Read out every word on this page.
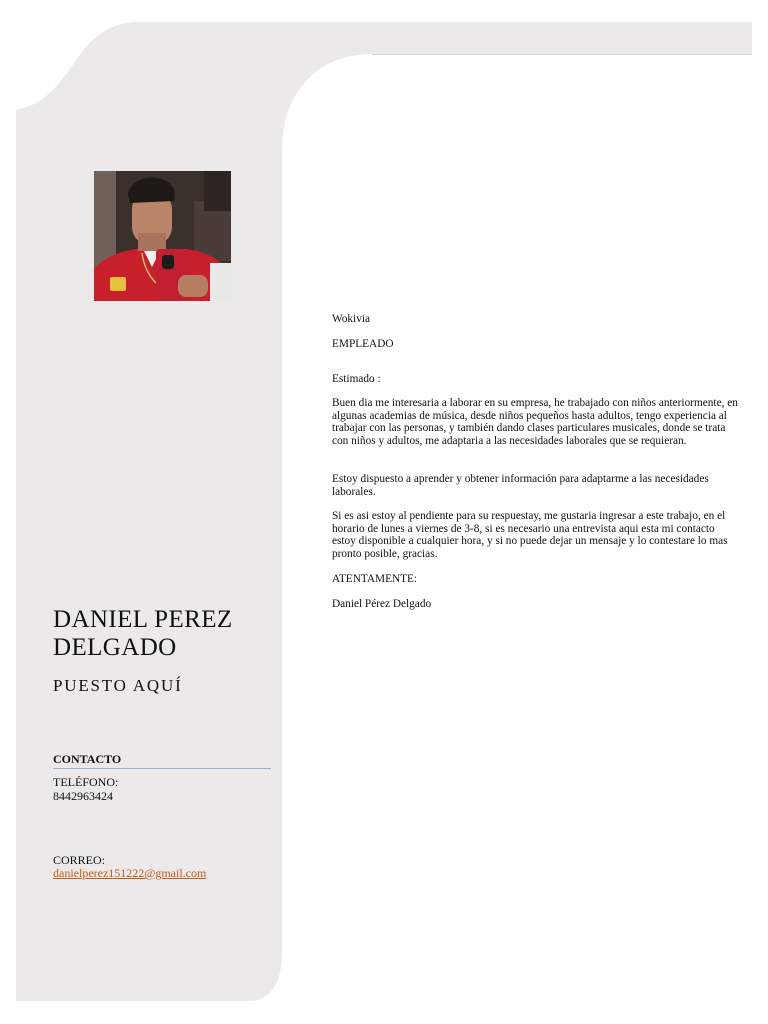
DANIEL PEREZ DELGADO
PUESTO AQUÍ
CONTACTO
TELÉFONO:
8442963424
CORREO:
danielperez151222@gmail.com

Wokivia

EMPLEADO

Estimado :

Buen dia me interesaria a laborar en su empresa, he trabajado con niños anteriormente, en algunas academias de música, desde niños pequeños hasta adultos, tengo experiencia al trabajar con las personas, y también dando clases particulares musicales, donde se trata con niños y adultos, me adaptaria a las necesidades laborales que se requieran.

Estoy dispuesto a aprender y obtener información para adaptarme a las necesidades laborales.

Si es asi estoy al pendiente para su respuestay, me gustaria ingresar a este trabajo, en el horario de lunes a viernes de 3-8, si es necesario una entrevista aqui esta mi contacto estoy disponible a cualquier hora, y si no puede dejar un mensaje y lo contestare lo mas pronto posible, gracias.

ATENTAMENTE:

Daniel Pérez Delgado
